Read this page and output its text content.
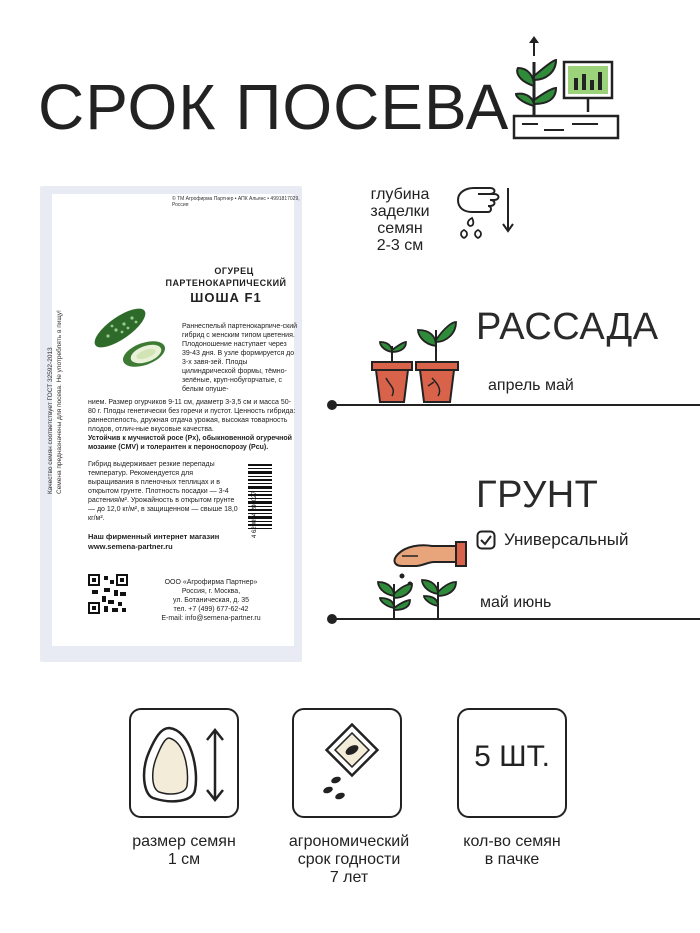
СРОК ПОСЕВА
© ТМ Агрофирма Партнер • АПК Альянс • 4991817029, Россия
Качество семян соответствует ГОСТ 32592-2013
Семена предназначены для посева. Не употреблять в пищу!
ОГУРЕЦ
ПАРТЕНОКАРПИЧЕСКИЙ
ШОША F1
Раннеспелый партенокарпиче-ский гибрид с женским типом цветения. Плодоношение наступает через 39-43 дня. В узле формируется до 3-х завя-зей. Плоды цилиндрической формы, тёмно-зелёные, круп-нобугорчатые, с белым опуше-
нием. Размер огурчиков 9-11 см, диаметр 3-3,5 см и масса 50-80 г. Плоды генетически без горечи и пустот. Ценность гибрида: раннеспелость, дружная отдача урожая, высокая товарность плодов, отлич-ные вкусовые качества.
Устойчив к мучнистой росе (Px), обыкновенной огуречной мозаике (CMV) и толерантен к пероноспорозу (Pcu).
Гибрид выдерживает резкие перепады температур. Рекомендуется для выращивания в пленочных теплицах и в открытом грунте. Плотность посадки — 3-4 растения/м². Урожайность в открытом грунте — до 12,0 кг/м², в защищенном — свыше 18,0 кг/м².	4 620054 280027
Наш фирменный интернет магазин
www.semena-partner.ru
ООО «Агрофирма Партнер»
Россия, г. Москва,
ул. Ботаническая, д. 35
тел. +7 (499) 677-62-42
E-mail: info@semena-partner.ru
глубина
заделки
семян
2-3 см
РАССАДА
апрель май
ГРУНТ
Универсальный
май июнь
размер семян
1 см
агрономический
срок годности
7 лет
5 ШТ.
кол-во семян
в пачке
